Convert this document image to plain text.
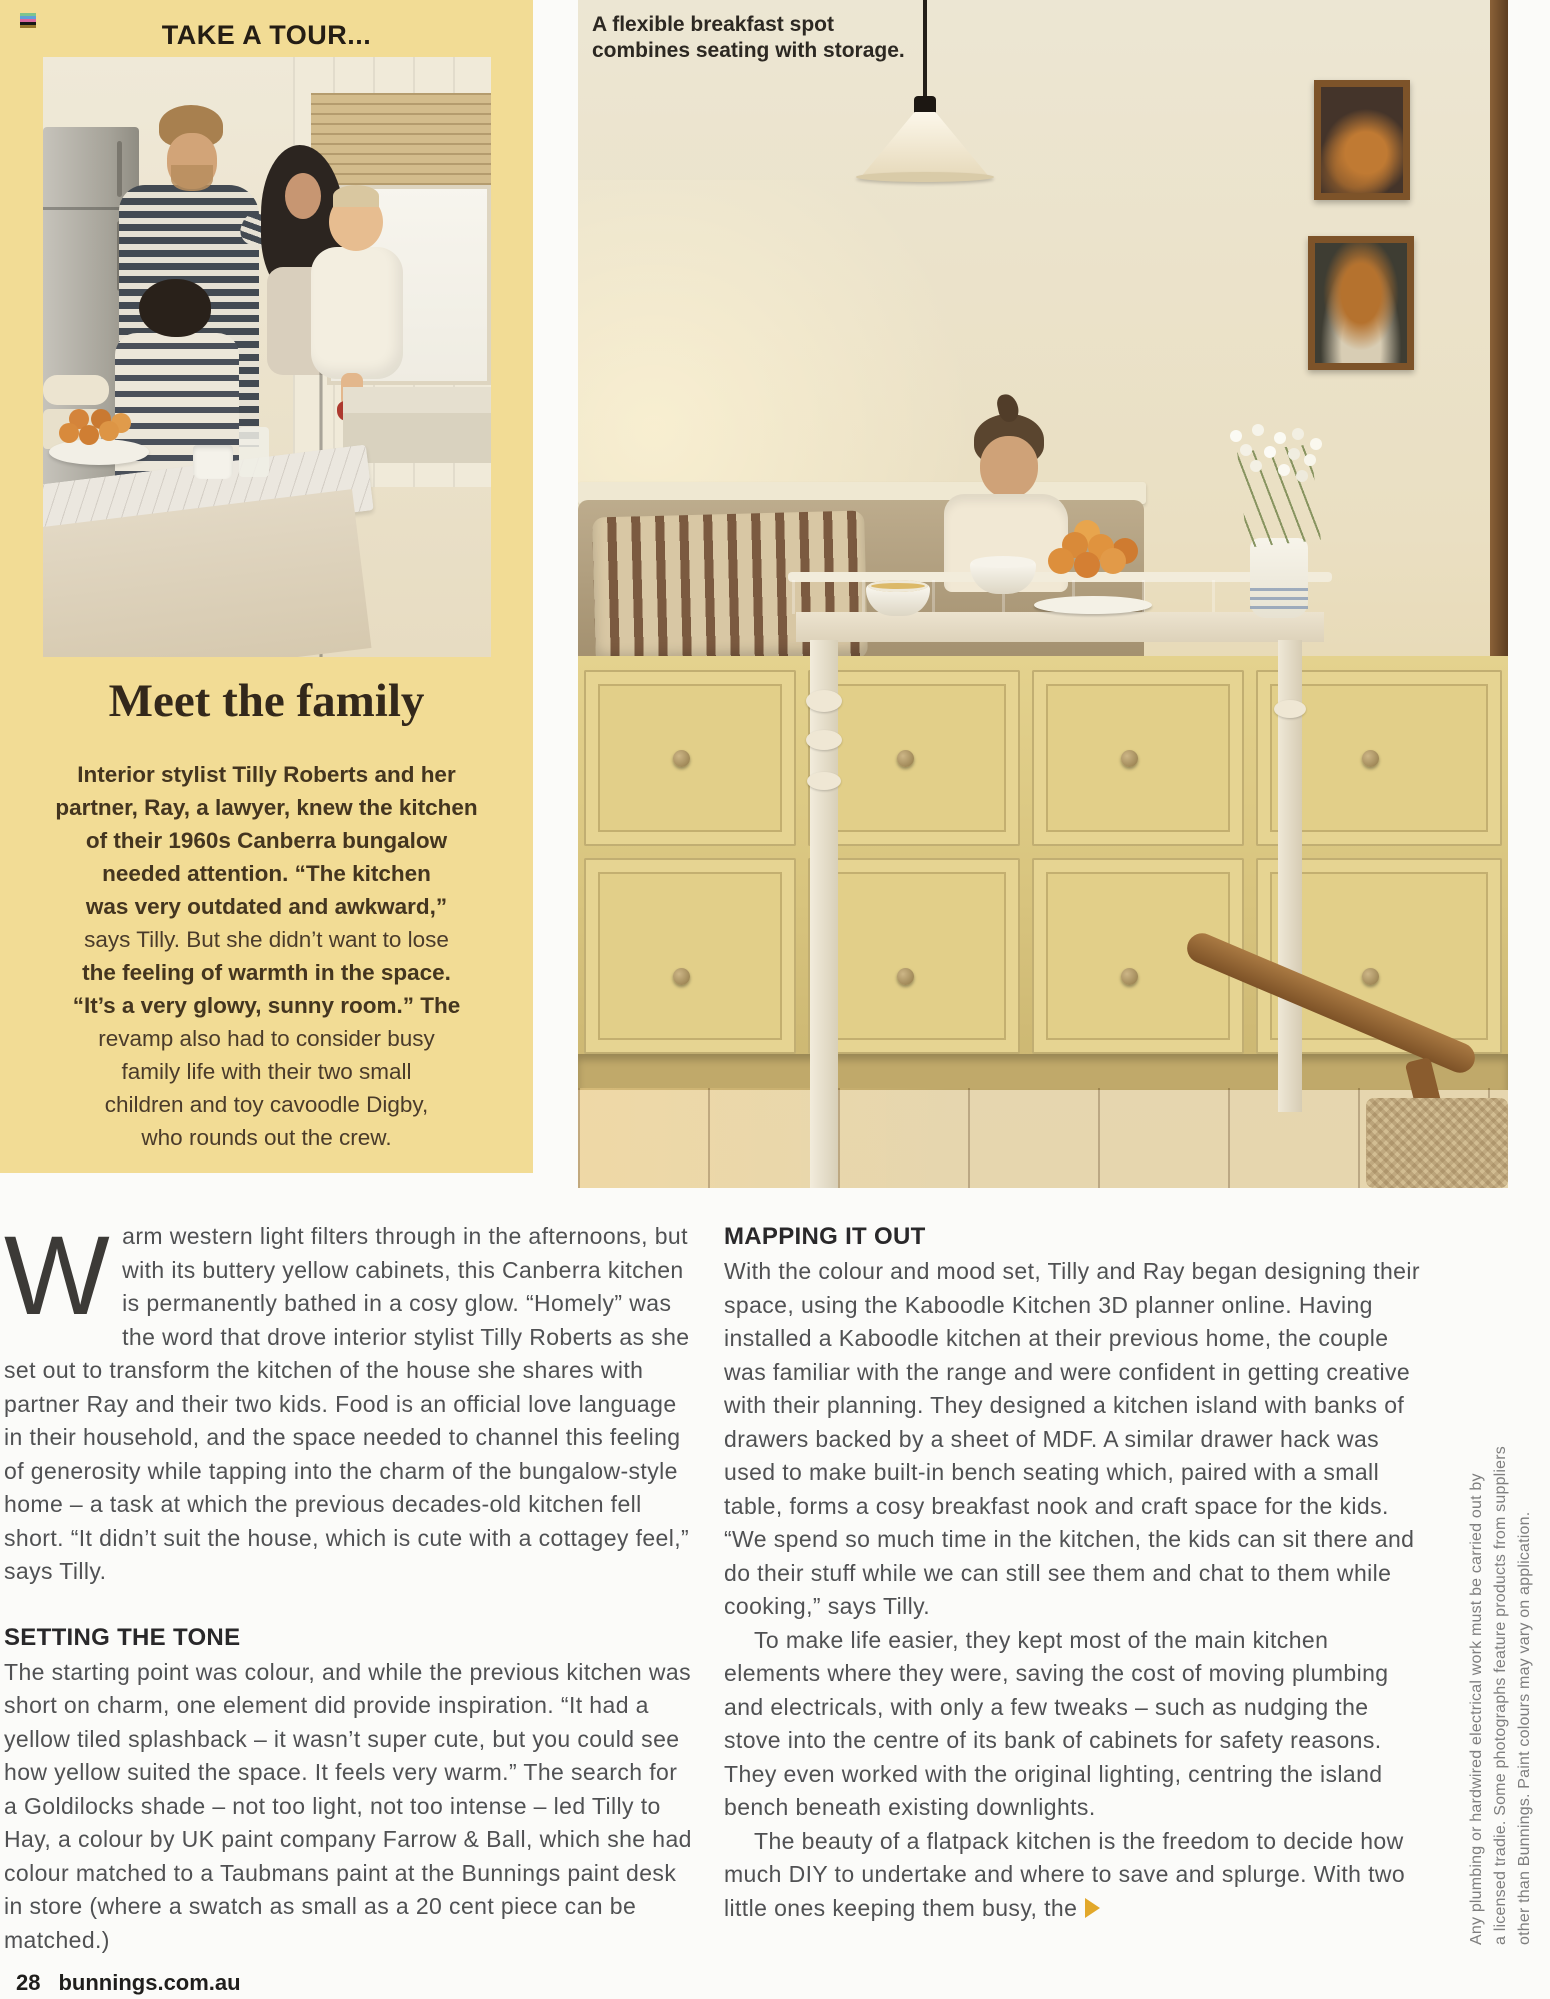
TAKE A TOUR...
Meet the family
Interior stylist Tilly Roberts and her
partner, Ray, a lawyer, knew the kitchen
of their 1960s Canberra bungalow
needed attention. “The kitchen
was very outdated and awkward,”
says Tilly. But she didn’t want to lose
the feeling of warmth in the space.
“It’s a very glowy, sunny room.” The
revamp also had to consider busy
family life with their two small
children and toy cavoodle Digby,
who rounds out the crew.
A flexible breakfast spot combines seating with storage.

Warm western light filters through in the afternoons, but with its buttery yellow cabinets, this Canberra kitchen is permanently bathed in a cosy glow. “Homely” was the word that drove interior stylist Tilly Roberts as she set out to transform the kitchen of the house she shares with partner Ray and their two kids. Food is an official love language in their household, and the space needed to channel this feeling of generosity while tapping into the charm of the bungalow-style home – a task at which the previous decades-old kitchen fell short. “It didn’t suit the house, which is cute with a cottagey feel,” says Tilly.

SETTING THE TONE

The starting point was colour, and while the previous kitchen was short on charm, one element did provide inspiration. “It had a yellow tiled splashback – it wasn’t super cute, but you could see how yellow suited the space. It feels very warm.” The search for a Goldilocks shade – not too light, not too intense – led Tilly to Hay, a colour by UK paint company Farrow & Ball, which she had colour matched to a Taubmans paint at the Bunnings paint desk in store (where a swatch as small as a 20 cent piece can be matched.)

MAPPING IT OUT

With the colour and mood set, Tilly and Ray began designing their space, using the Kaboodle Kitchen 3D planner online. Having installed a Kaboodle kitchen at their previous home, the couple was familiar with the range and were confident in getting creative with their planning. They designed a kitchen island with banks of drawers backed by a sheet of MDF. A similar drawer hack was used to make built-in bench seating which, paired with a small table, forms a cosy breakfast nook and craft space for the kids. “We spend so much time in the kitchen, the kids can sit there and do their stuff while we can still see them and chat to them while cooking,” says Tilly.

To make life easier, they kept most of the main kitchen elements where they were, saving the cost of moving plumbing and electricals, with only a few tweaks – such as nudging the stove into the centre of its bank of cabinets for safety reasons. They even worked with the original lighting, centring the island bench beneath existing downlights.

The beauty of a flatpack kitchen is the freedom to decide how much DIY to undertake and where to save and splurge. With two little ones keeping them busy, the

28 bunnings.com.au
Any plumbing or hardwired electrical work must be carried out by a licensed tradie. Some photographs feature products from suppliers other than Bunnings. Paint colours may vary on application.
